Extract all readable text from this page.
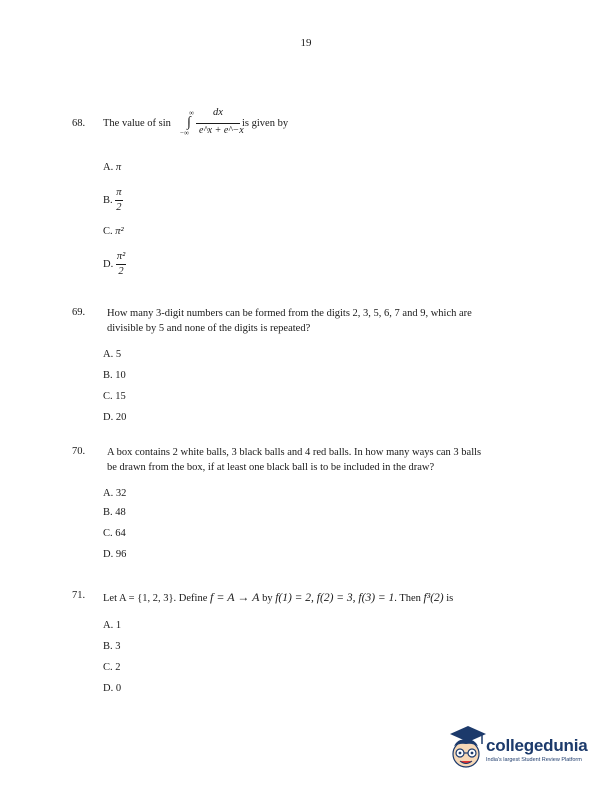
19
68. The value of sin
∞
∫
−∞
dx
e^x + e^−x
is given by
A. π
B. $\frac{\pi}{2}$
C. π²
D. $\frac{\text{π²}}{2}$
69. How many 3-digit numbers can be formed from the digits 2, 3, 5, 6, 7 and 9, which are
divisible by 5 and none of the digits is repeated?
A. 5
B. 10
C. 15
D. 20
70. A box contains 2 white balls, 3 black balls and 4 red balls. In how many ways can 3 balls
be drawn from the box, if at least one black ball is to be included in the draw?
A. 32
B. 48
C. 64
D. 96
71. Let A = {1, 2, 3}. Define f = A → A by f(1) = 2, f(2) = 3, f(3) = 1. Then f³(2) is
A. 1
B. 3
C. 2
D. 0
collegedunia
India's largest Student Review Platform
